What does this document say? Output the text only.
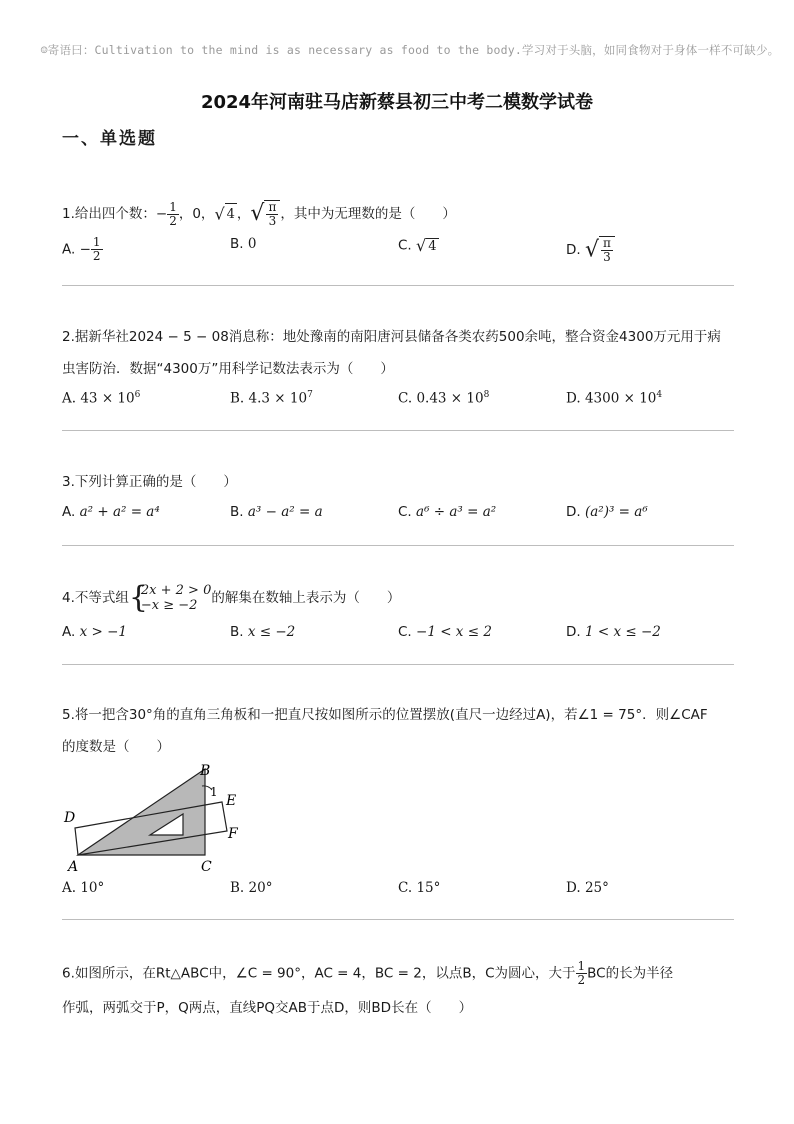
☺寄语曰：Cultivation to the mind is as necessary as food to the body.学习对于头脑，如同食物对于身体一样不可缺少。
2024年河南驻马店新蔡县初三中考二模数学试卷
一、单选题
1.给出四个数：− $\frac{1}{2}$ ，0，√ 4 ，√ $\frac{\pi}{3}$ ，其中为无理数的是（　　）
A. − $\frac{1}{2}$	B. 0	C. √ 4	D. √ $\frac{\pi}{3}$
2.据新华社2024 − 5 − 08消息称：地处豫南的南阳唐河县储备各类农药500余吨，整合资金4300万元用于病
虫害防治．数据“4300万”用科学记数法表示为（　　）
A. $43 \times 10^6$	B. $4.3 \times 10^7$	C. $0.43 \times 10^8$	D. $4300 \times 10^4$
3.下列计算正确的是（　　）
A. a² + a² = a⁴	B. a³ − a² = a	C. a⁶ ÷ a³ = a²	D. (a²)³ = a⁶
4.不等式组 {
2x + 2 > 0
−x ≥ −2	的解集在数轴上表示为（　　）
A. x > −1	B. x ≤ −2	C. −1 < x ≤ 2	D. 1 < x ≤ −2
5.将一把含30°角的直角三角板和一把直尺按如图所示的位置摆放(直尺一边经过A)，若∠1 = 75°．则∠CAF
的度数是（　　）
B
E
D
F
A	C
1
A. 10°	B. 20°	C. 15°	D. 25°
6.如图所示，在Rt△ABC中，∠C = 90°，AC = 4，BC = 2，以点B，C为圆心，大于 $\frac{1}{2}$ BC的长为半径
作弧，两弧交于P，Q两点，直线PQ交AB于点D，则BD长在（　　）
